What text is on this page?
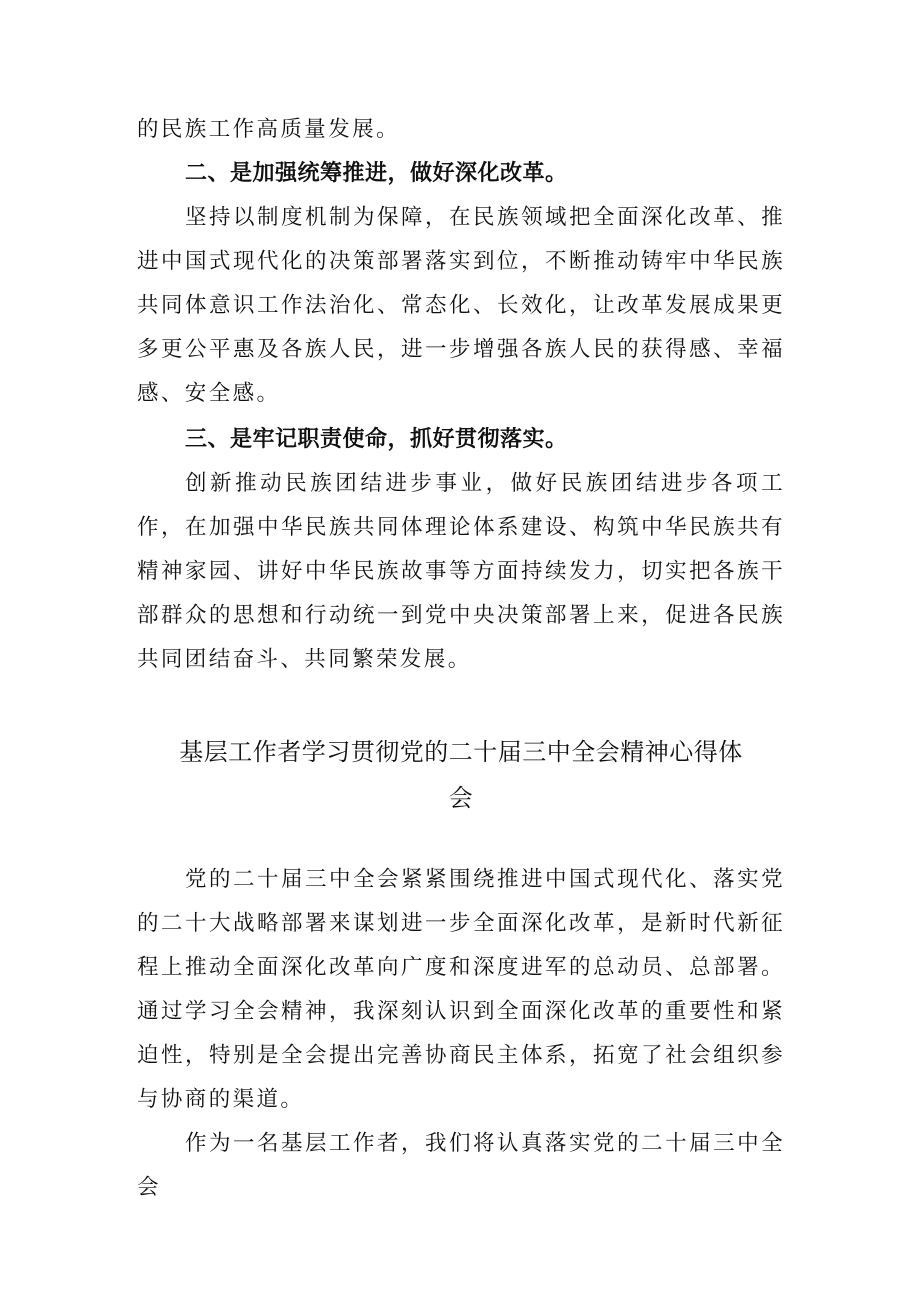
的民族工作高质量发展。

二、是加强统筹推进，做好深化改革。

坚持以制度机制为保障，在民族领域把全面深化改革、推进中国式现代化的决策部署落实到位，不断推动铸牢中华民族共同体意识工作法治化、常态化、长效化，让改革发展成果更多更公平惠及各族人民，进一步增强各族人民的获得感、幸福感、安全感。

三、是牢记职责使命，抓好贯彻落实。

创新推动民族团结进步事业，做好民族团结进步各项工作，在加强中华民族共同体理论体系建设、构筑中华民族共有精神家园、讲好中华民族故事等方面持续发力，切实把各族干部群众的思想和行动统一到党中央决策部署上来，促进各民族共同团结奋斗、共同繁荣发展。

基层工作者学习贯彻党的二十届三中全会精神心得体

会

党的二十届三中全会紧紧围绕推进中国式现代化、落实党的二十大战略部署来谋划进一步全面深化改革，是新时代新征程上推动全面深化改革向广度和深度进军的总动员、总部署。通过学习全会精神，我深刻认识到全面深化改革的重要性和紧迫性，特别是全会提出完善协商民主体系，拓宽了社会组织参与协商的渠道。

作为一名基层工作者，我们将认真落实党的二十届三中全会
